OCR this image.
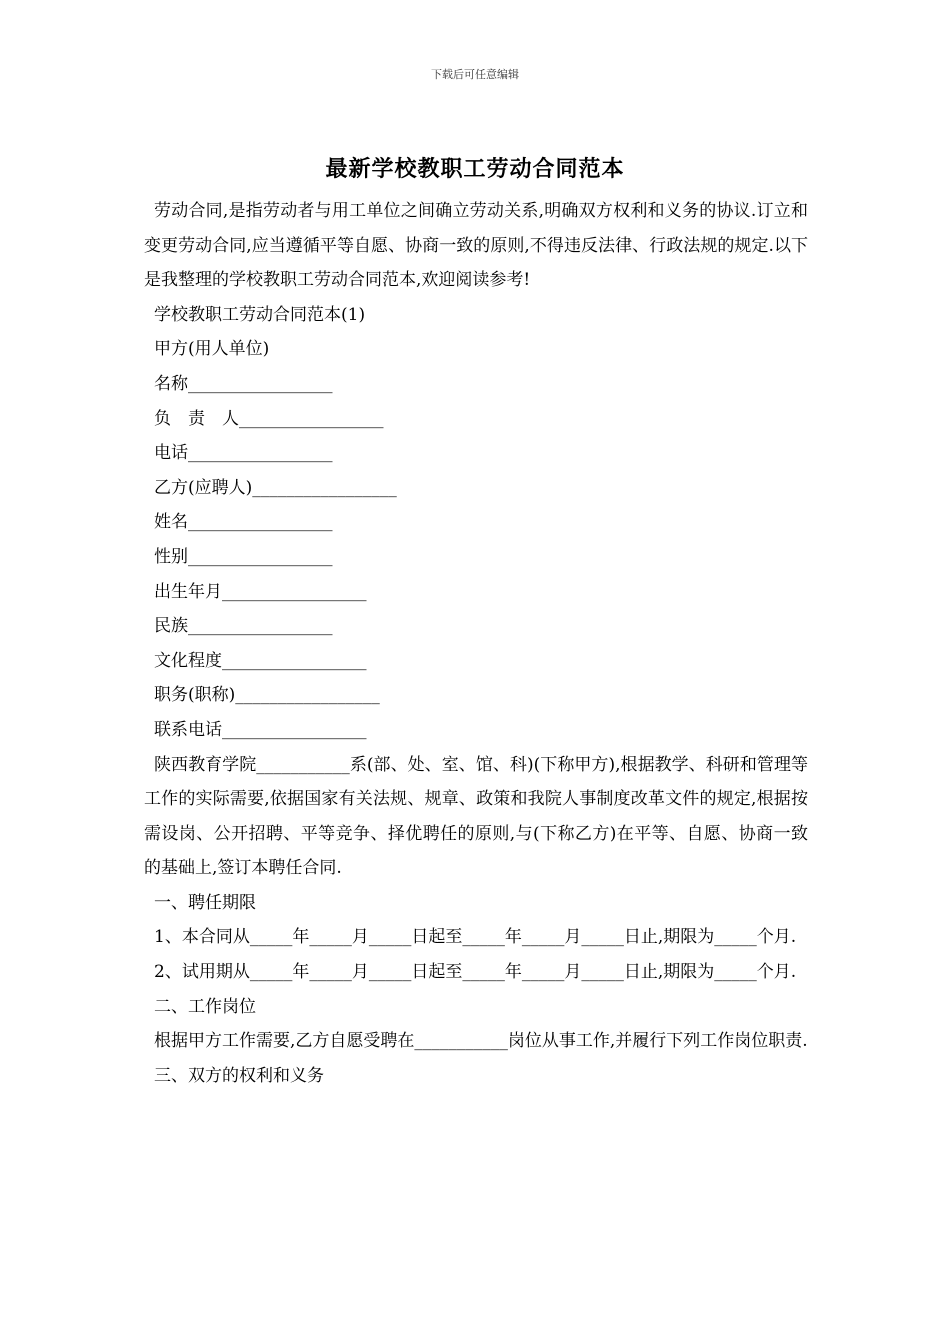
下载后可任意编辑
最新学校教职工劳动合同范本

劳动合同,是指劳动者与用工单位之间确立劳动关系,明确双方权利和义务的协议.订立和变更劳动合同,应当遵循平等自愿、协商一致的原则,不得违反法律、行政法规的规定.以下是我整理的学校教职工劳动合同范本,欢迎阅读参考!

学校教职工劳动合同范本(1)

甲方(用人单位)

名称_________________

负　责　人_________________

电话_________________

乙方(应聘人)_________________

姓名_________________

性别_________________

出生年月_________________

民族_________________

文化程度_________________

职务(职称)_________________

联系电话_________________

陕西教育学院___________系(部、处、室、馆、科)(下称甲方),根据教学、科研和管理等工作的实际需要,依据国家有关法规、规章、政策和我院人事制度改革文件的规定,根据按需设岗、公开招聘、平等竞争、择优聘任的原则,与(下称乙方)在平等、自愿、协商一致的基础上,签订本聘任合同.

一、聘任期限

1、本合同从_____年_____月_____日起至_____年_____月_____日止,期限为_____个月.

2、试用期从_____年_____月_____日起至_____年_____月_____日止,期限为_____个月.

二、工作岗位

根据甲方工作需要,乙方自愿受聘在___________岗位从事工作,并履行下列工作岗位职责.

三、双方的权利和义务
